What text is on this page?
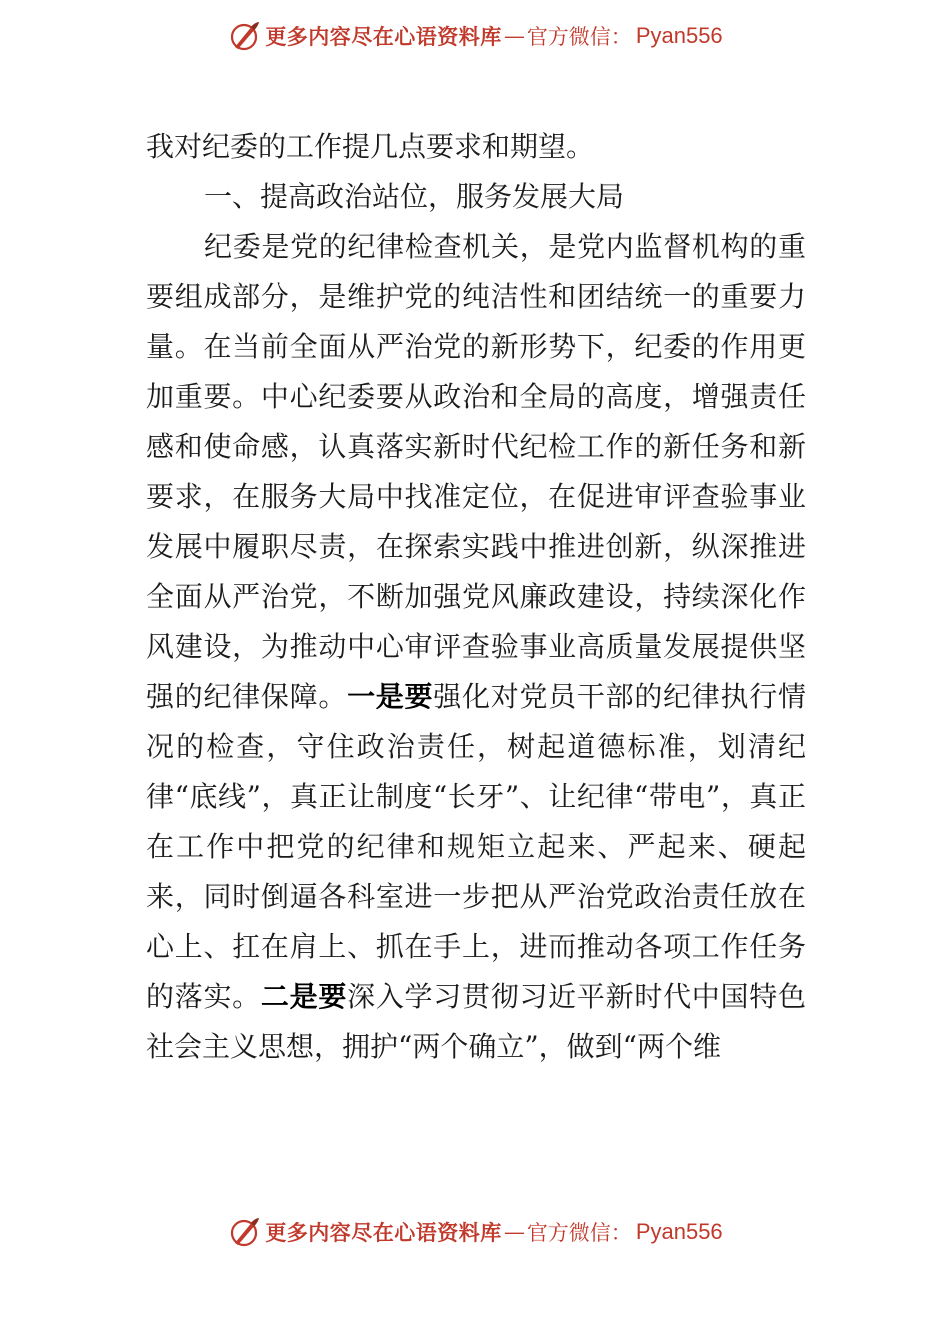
更多内容尽在心语资料库 — 官方微信： Pyan556

我对纪委的工作提几点要求和期望。

一、提高政治站位，服务发展大局

纪委是党的纪律检查机关，是党内监督机构的重要组成部分，是维护党的纯洁性和团结统一的重要力量。在当前全面从严治党的新形势下，纪委的作用更加重要。中心纪委要从政治和全局的高度，增强责任感和使命感，认真落实新时代纪检工作的新任务和新要求，在服务大局中找准定位，在促进审评查验事业发展中履职尽责，在探索实践中推进创新，纵深推进全面从严治党，不断加强党风廉政建设，持续深化作风建设，为推动中心审评查验事业高质量发展提供坚强的纪律保障。一是要强化对党员干部的纪律执行情况的检查，守住政治责任，树起道德标准，划清纪律“底线”，真正让制度“长牙”、让纪律“带电”，真正在工作中把党的纪律和规矩立起来、严起来、硬起来，同时倒逼各科室进一步把从严治党政治责任放在心上、扛在肩上、抓在手上，进而推动各项工作任务的落实。二是要深入学习贯彻习近平新时代中国特色社会主义思想，拥护“两个确立”，做到“两个维

更多内容尽在心语资料库 — 官方微信： Pyan556
